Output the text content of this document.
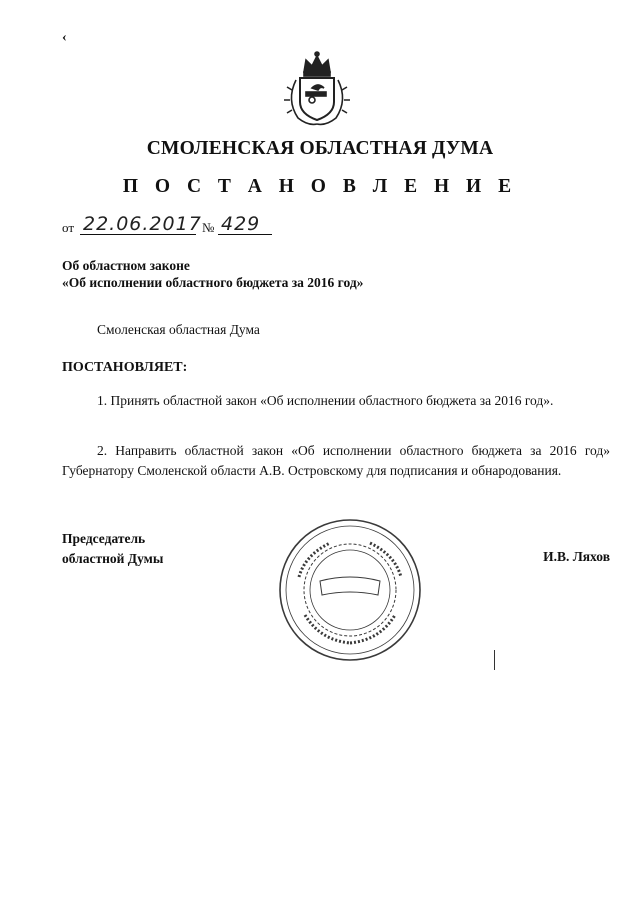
‹
СМОЛЕНСКАЯ ОБЛАСТНАЯ ДУМА
П О С Т А Н О В Л Е Н И Е
от 22.06.2017 № 429
Об областном законе
«Об исполнении областного бюджета за 2016 год»
Смоленская областная Дума
ПОСТАНОВЛЯЕТ:
1. Принять областной закон «Об исполнении областного бюджета за 2016 год».
2. Направить областной закон «Об исполнении областного бюджета за 2016 год» Губернатору Смоленской области А.В. Островскому для подписания и обнародования.
Председатель
областной Думы	И.В. Ляхов
